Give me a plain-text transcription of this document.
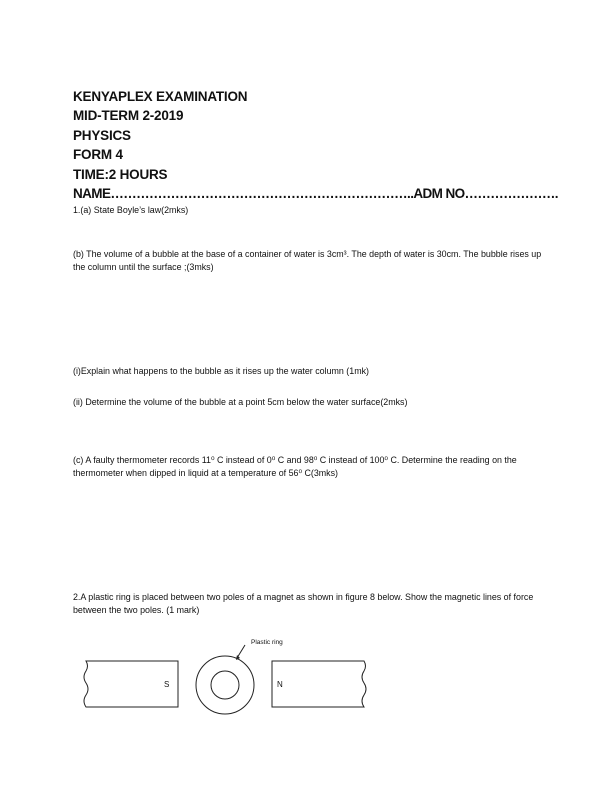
KENYAPLEX EXAMINATION
MID-TERM 2-2019
PHYSICS
FORM 4
TIME:2 HOURS
NAME……………………………………………………………..ADM NO………………….
1.(a) State Boyle’s law(2mks)
(b) The volume of a bubble at the base of a container of water is 3cm³. The depth of water is 30cm. The bubble rises up the column until the surface ;(3mks)
(i)Explain what happens to the bubble as it rises up the water column (1mk)
(ii) Determine the volume of the bubble at a point 5cm below the water surface(2mks)
(c) A faulty thermometer records 11⁰ C instead of 0⁰ C and 98⁰ C instead of 100⁰ C. Determine the reading on the thermometer when dipped in liquid at a temperature of 56⁰ C(3mks)
2.A plastic ring is placed between two poles of a magnet as shown in figure 8 below. Show the magnetic lines of force between the two poles. (1 mark)
Plastic ring
S	N
